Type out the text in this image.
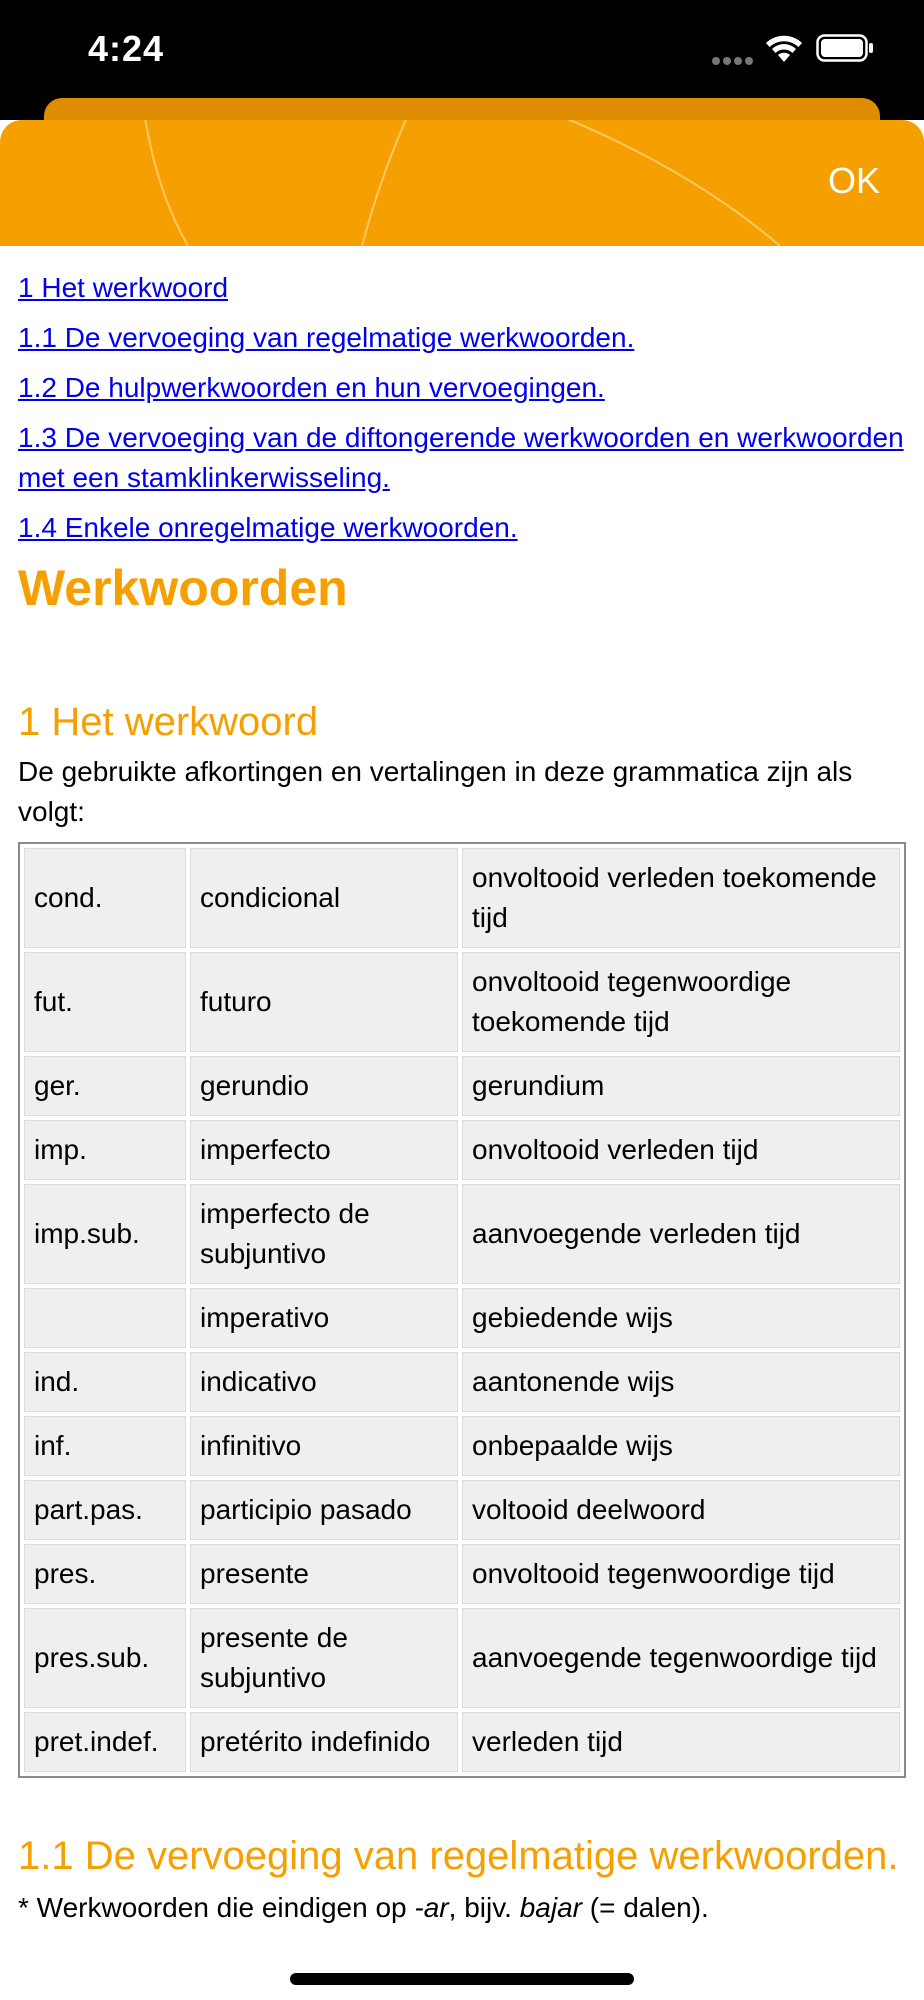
4:24
OK
1 Het werkwoord
1.1 De vervoeging van regelmatige werkwoorden.
1.2 De hulpwerkwoorden en hun vervoegingen.
1.3 De vervoeging van de diftongerende werkwoorden en werkwoorden met een stamklinkerwisseling.
1.4 Enkele onregelmatige werkwoorden.
Werkwoorden
1 Het werkwoord

De gebruikte afkortingen en vertalingen in deze grammatica zijn als volgt:

cond.	condicional	onvoltooid verleden toekomende tijd
fut.	futuro	onvoltooid tegenwoordige toekomende tijd
ger.	gerundio	gerundium
imp.	imperfecto	onvoltooid verleden tijd
imp.sub.	imperfecto de subjuntivo	aanvoegende verleden tijd
	imperativo	gebiedende wijs
ind.	indicativo	aantonende wijs
inf.	infinitivo	onbepaalde wijs
part.pas.	participio pasado	voltooid deelwoord
pres.	presente	onvoltooid tegenwoordige tijd
pres.sub.	presente de subjuntivo	aanvoegende tegenwoordige tijd
pret.indef.	pretérito indefinido	verleden tijd
1.1 De vervoeging van regelmatige werkwoorden.

* Werkwoorden die eindigen op -ar, bijv. bajar (= dalen).
